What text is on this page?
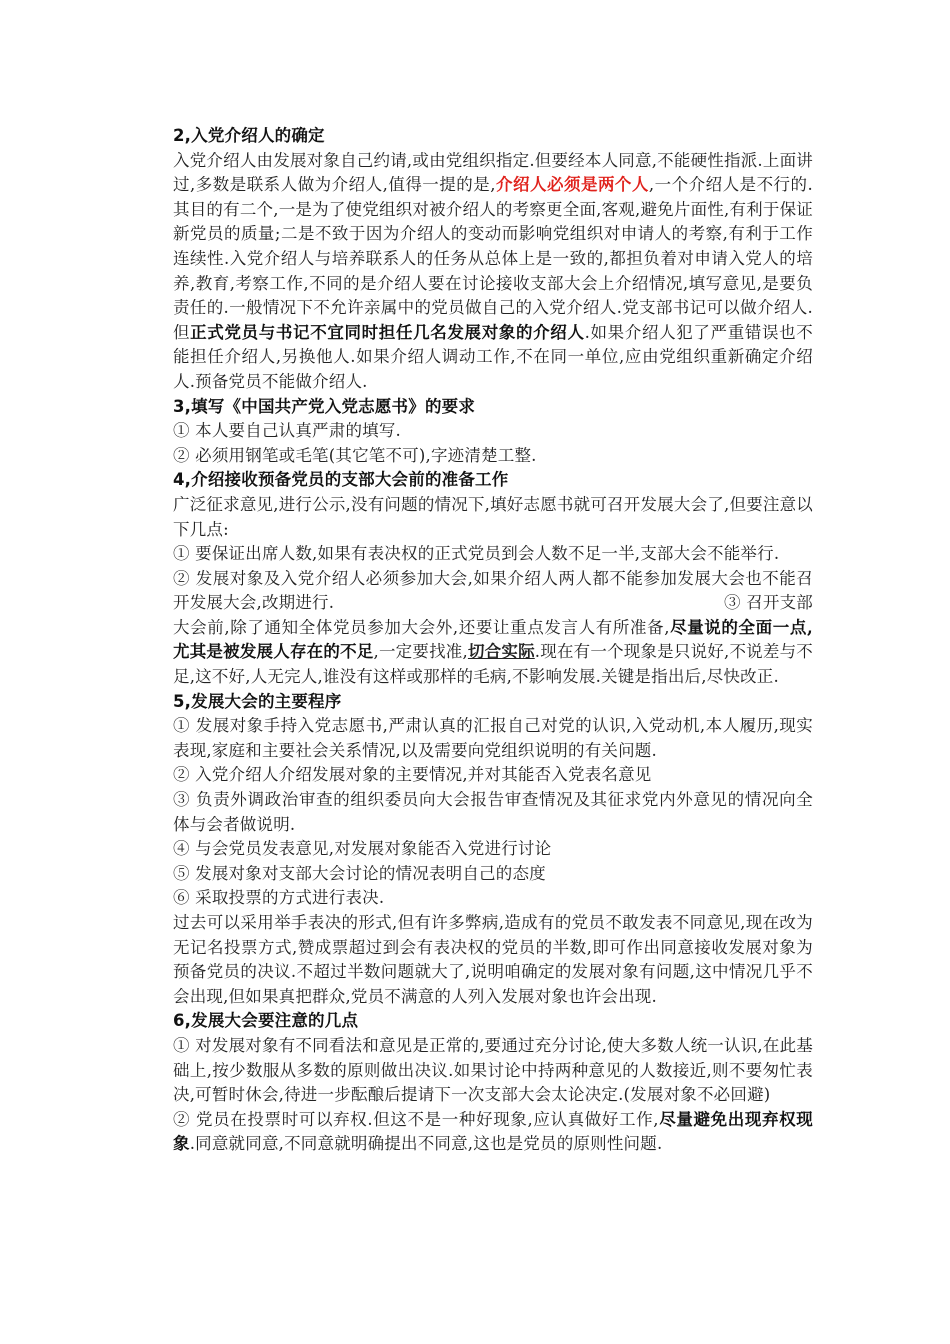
2,入党介绍人的确定

入党介绍人由发展对象自己约请,或由党组织指定.但要经本人同意,不能硬性指派.上面讲过,多数是联系人做为介绍人,值得一提的是,介绍人必须是两个人,一个介绍人是不行的.其目的有二个,一是为了使党组织对被介绍人的考察更全面,客观,避免片面性,有利于保证新党员的质量;二是不致于因为介绍人的变动而影响党组织对申请人的考察,有利于工作连续性.入党介绍人与培养联系人的任务从总体上是一致的,都担负着对申请入党人的培养,教育,考察工作,不同的是介绍人要在讨论接收支部大会上介绍情况,填写意见,是要负责任的.一般情况下不允许亲属中的党员做自己的入党介绍人.党支部书记可以做介绍人.但正式党员与书记不宜同时担任几名发展对象的介绍人.如果介绍人犯了严重错误也不能担任介绍人,另换他人.如果介绍人调动工作,不在同一单位,应由党组织重新确定介绍人.预备党员不能做介绍人.

3,填写《中国共产党入党志愿书》的要求

① 本人要自己认真严肃的填写.

② 必须用钢笔或毛笔(其它笔不可),字迹清楚工整.

4,介绍接收预备党员的支部大会前的准备工作

广泛征求意见,进行公示,没有问题的情况下,填好志愿书就可召开发展大会了,但要注意以下几点:

① 要保证出席人数,如果有表决权的正式党员到会人数不足一半,支部大会不能举行.

② 发展对象及入党介绍人必须参加大会,如果介绍人两人都不能参加发展大会也不能召开发展大会,改期进行.	③ 召开支部

大会前,除了通知全体党员参加大会外,还要让重点发言人有所准备,尽量说的全面一点,尤其是被发展人存在的不足,一定要找准,切合实际.现在有一个现象是只说好,不说差与不足,这不好,人无完人,谁没有这样或那样的毛病,不影响发展.关键是指出后,尽快改正.

5,发展大会的主要程序

① 发展对象手持入党志愿书,严肃认真的汇报自己对党的认识,入党动机,本人履历,现实表现,家庭和主要社会关系情况,以及需要向党组织说明的有关问题.

② 入党介绍人介绍发展对象的主要情况,并对其能否入党表名意见

③ 负责外调政治审查的组织委员向大会报告审查情况及其征求党内外意见的情况向全体与会者做说明.

④ 与会党员发表意见,对发展对象能否入党进行讨论

⑤ 发展对象对支部大会讨论的情况表明自己的态度

⑥ 采取投票的方式进行表决.

过去可以采用举手表决的形式,但有许多弊病,造成有的党员不敢发表不同意见,现在改为无记名投票方式,赞成票超过到会有表决权的党员的半数,即可作出同意接收发展对象为预备党员的决议.不超过半数问题就大了,说明咱确定的发展对象有问题,这中情况几乎不会出现,但如果真把群众,党员不满意的人列入发展对象也许会出现.

6,发展大会要注意的几点

① 对发展对象有不同看法和意见是正常的,要通过充分讨论,使大多数人统一认识,在此基础上,按少数服从多数的原则做出决议.如果讨论中持两种意见的人数接近,则不要匆忙表决,可暂时休会,待进一步酝酿后提请下一次支部大会太论决定.(发展对象不必回避)

② 党员在投票时可以弃权.但这不是一种好现象,应认真做好工作,尽量避免出现弃权现象.同意就同意,不同意就明确提出不同意,这也是党员的原则性问题.
